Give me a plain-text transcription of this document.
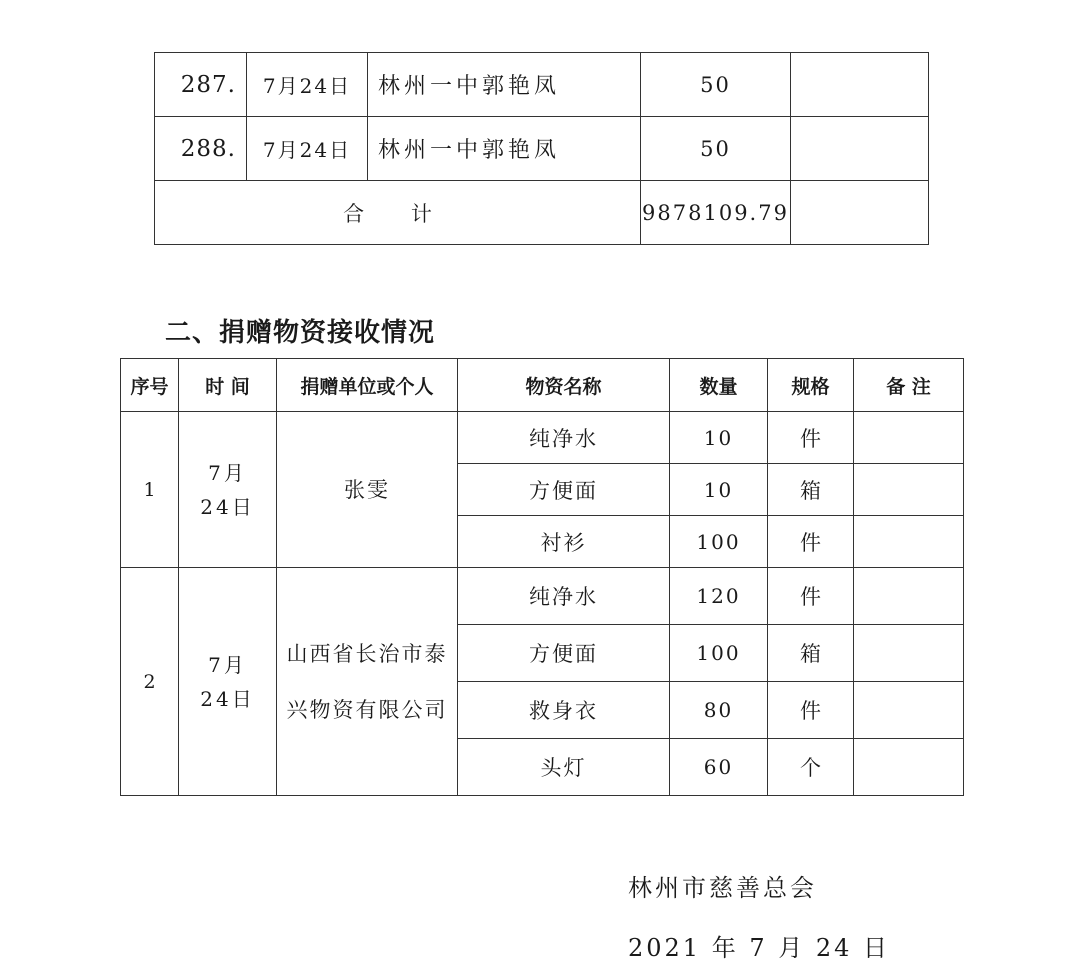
287.	7月24日	林州一中郭艳凤	50	
288.	7月24日	林州一中郭艳凤	50	
合 计			9878109.79	
二、捐赠物资接收情况
序号	时 间	捐赠单位或个人	物资名称	数量	规格	备 注
1	7月 24日	张雯	纯净水	10	件	
			方便面	10	箱	
			衬衫	100	件	
2	7月 24日	山西省长治市泰兴物资有限公司	纯净水	120	件	
			方便面	100	箱	
			救身衣	80	件	
			头灯	60	个	
林州市慈善总会
2021 年 7 月 24 日
